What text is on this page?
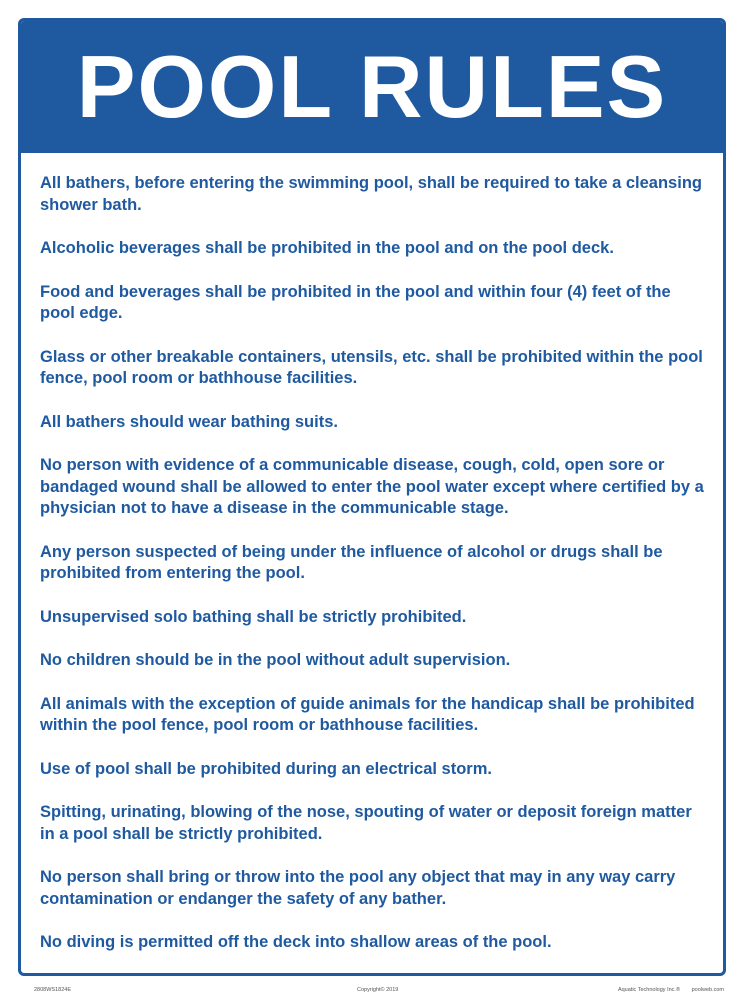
POOL RULES
All bathers, before entering the swimming pool, shall be required to take a cleansing shower bath.
Alcoholic beverages shall be prohibited in the pool and on the pool deck.
Food and beverages shall be prohibited in the pool and within four (4) feet of the pool edge.
Glass or other breakable containers, utensils, etc. shall be prohibited within the pool fence, pool room or bathhouse facilities.
All bathers should wear bathing suits.
No person with evidence of a communicable disease, cough, cold, open sore or bandaged wound shall be allowed to enter the pool water except where certified by a physician not to have a disease in the communicable stage.
Any person suspected of being under the influence of alcohol or drugs shall be prohibited from entering the pool.
Unsupervised solo bathing shall be strictly prohibited.
No children should be in the pool without adult supervision.
All animals with the exception of guide animals for the handicap shall be prohibited within the pool fence, pool room or bathhouse facilities.
Use of pool shall be prohibited during an electrical storm.
Spitting, urinating, blowing of the nose, spouting of water or deposit foreign matter in a pool shall be strictly prohibited.
No person shall bring or throw into the pool any object that may in any way carry contamination or endanger the safety of any bather.
No diving is permitted off the deck into shallow areas of the pool.
2808WS1824E	Copyright© 2019	Aquatic Technology Inc.® poolweb.com
